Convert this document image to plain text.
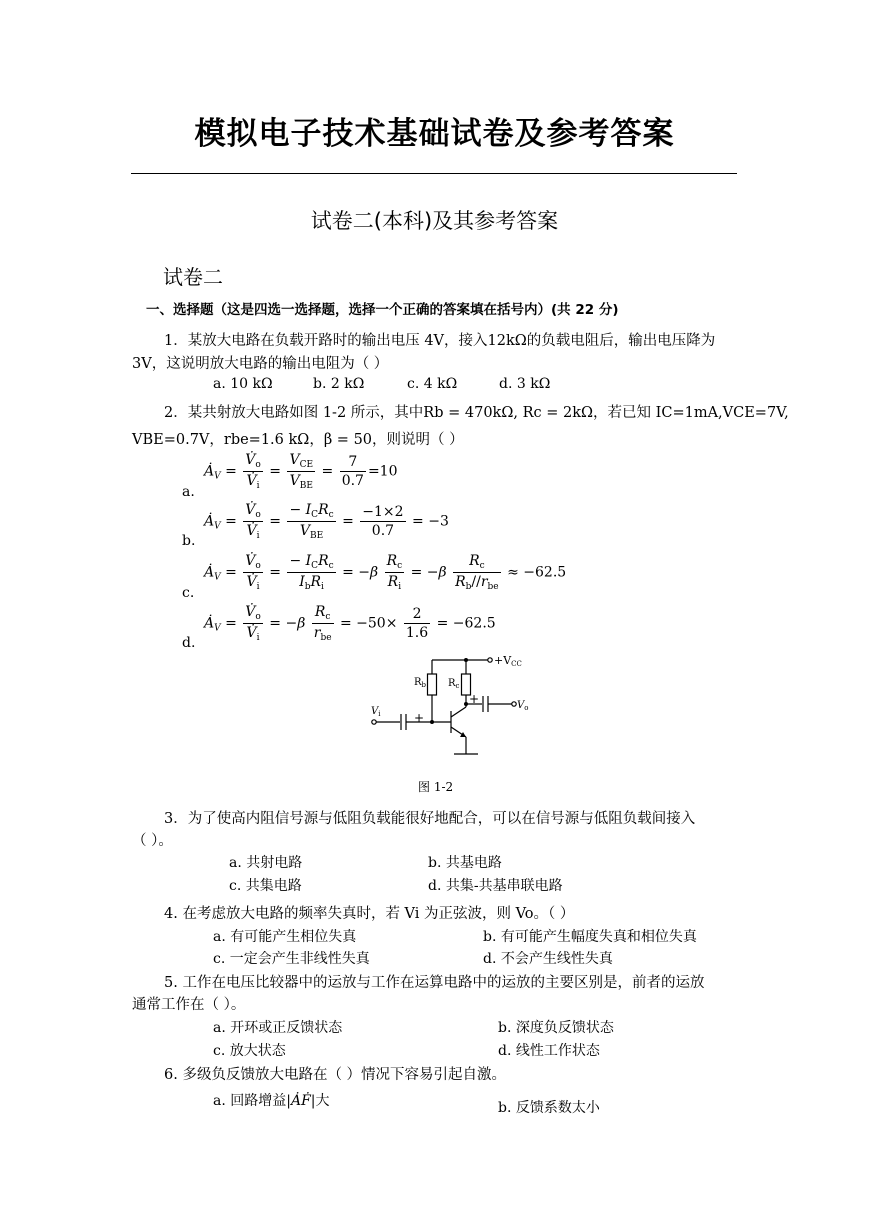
模拟电子技术基础试卷及参考答案
试卷二(本科)及其参考答案
试卷二
一、选择题（这是四选一选择题，选择一个正确的答案填在括号内）(共 22 分)
1．某放大电路在负载开路时的输出电压 4V，接入12kΩ的负载电阻后，输出电压降为
3V，这说明放大电路的输出电阻为（ ）
a. 10 kΩ	b. 2 kΩ	c. 4 kΩ	d. 3 kΩ
2．某共射放大电路如图 1-2 所示，其中Rb = 470kΩ, Rc = 2kΩ，若已知 IC=1mA,VCE=7V,
VBE=0.7V，rbe=1.6 kΩ，β = 50，则说明（ ）
a.
$Ȧ_V = \frac{V̇_o}{V̇_i} = \frac{V_{CE}}{V_{BE}} = \frac{7}{0.7} =10$
b.
$Ȧ_V = \frac{V̇_o}{V̇_i} = \frac{- I_CR_c}{V_{BE}} = \frac{-1\times 2}{0.7} = -3$
c.
$Ȧ_V = \frac{V̇_o}{V̇_i} = \frac{- I_CR_c}{I_bR_i} = -\beta \frac{R_c}{R_i} = -\beta \frac{R_c}{R_b//r_{be}} \approx -62.5$
d.
$Ȧ_V = \frac{V̇_o}{V̇_i} = -\beta \frac{R_c}{r_{be}} = -50\times \frac{2}{1.6} = -62.5$
+VCC
$R_b$ $R_c$
$V_i$
$V_o$
+
+
图 1-2
3．为了使高内阻信号源与低阻负载能很好地配合，可以在信号源与低阻负载间接入
（ ）。
a. 共射电路	b. 共基电路
c. 共集电路	d. 共集-共基串联电路
4. 在考虑放大电路的频率失真时，若 Vi 为正弦波，则 Vo。（ ）
a. 有可能产生相位失真	b. 有可能产生幅度失真和相位失真
c. 一定会产生非线性失真	d. 不会产生线性失真
5. 工作在电压比较器中的运放与工作在运算电路中的运放的主要区别是，前者的运放
通常工作在（ ）。
a. 开环或正反馈状态	b. 深度负反馈状态
c. 放大状态	d. 线性工作状态
6. 多级负反馈放大电路在（ ）情况下容易引起自激。
a. 回路增益|ȦḞ|大	b. 反馈系数太小
